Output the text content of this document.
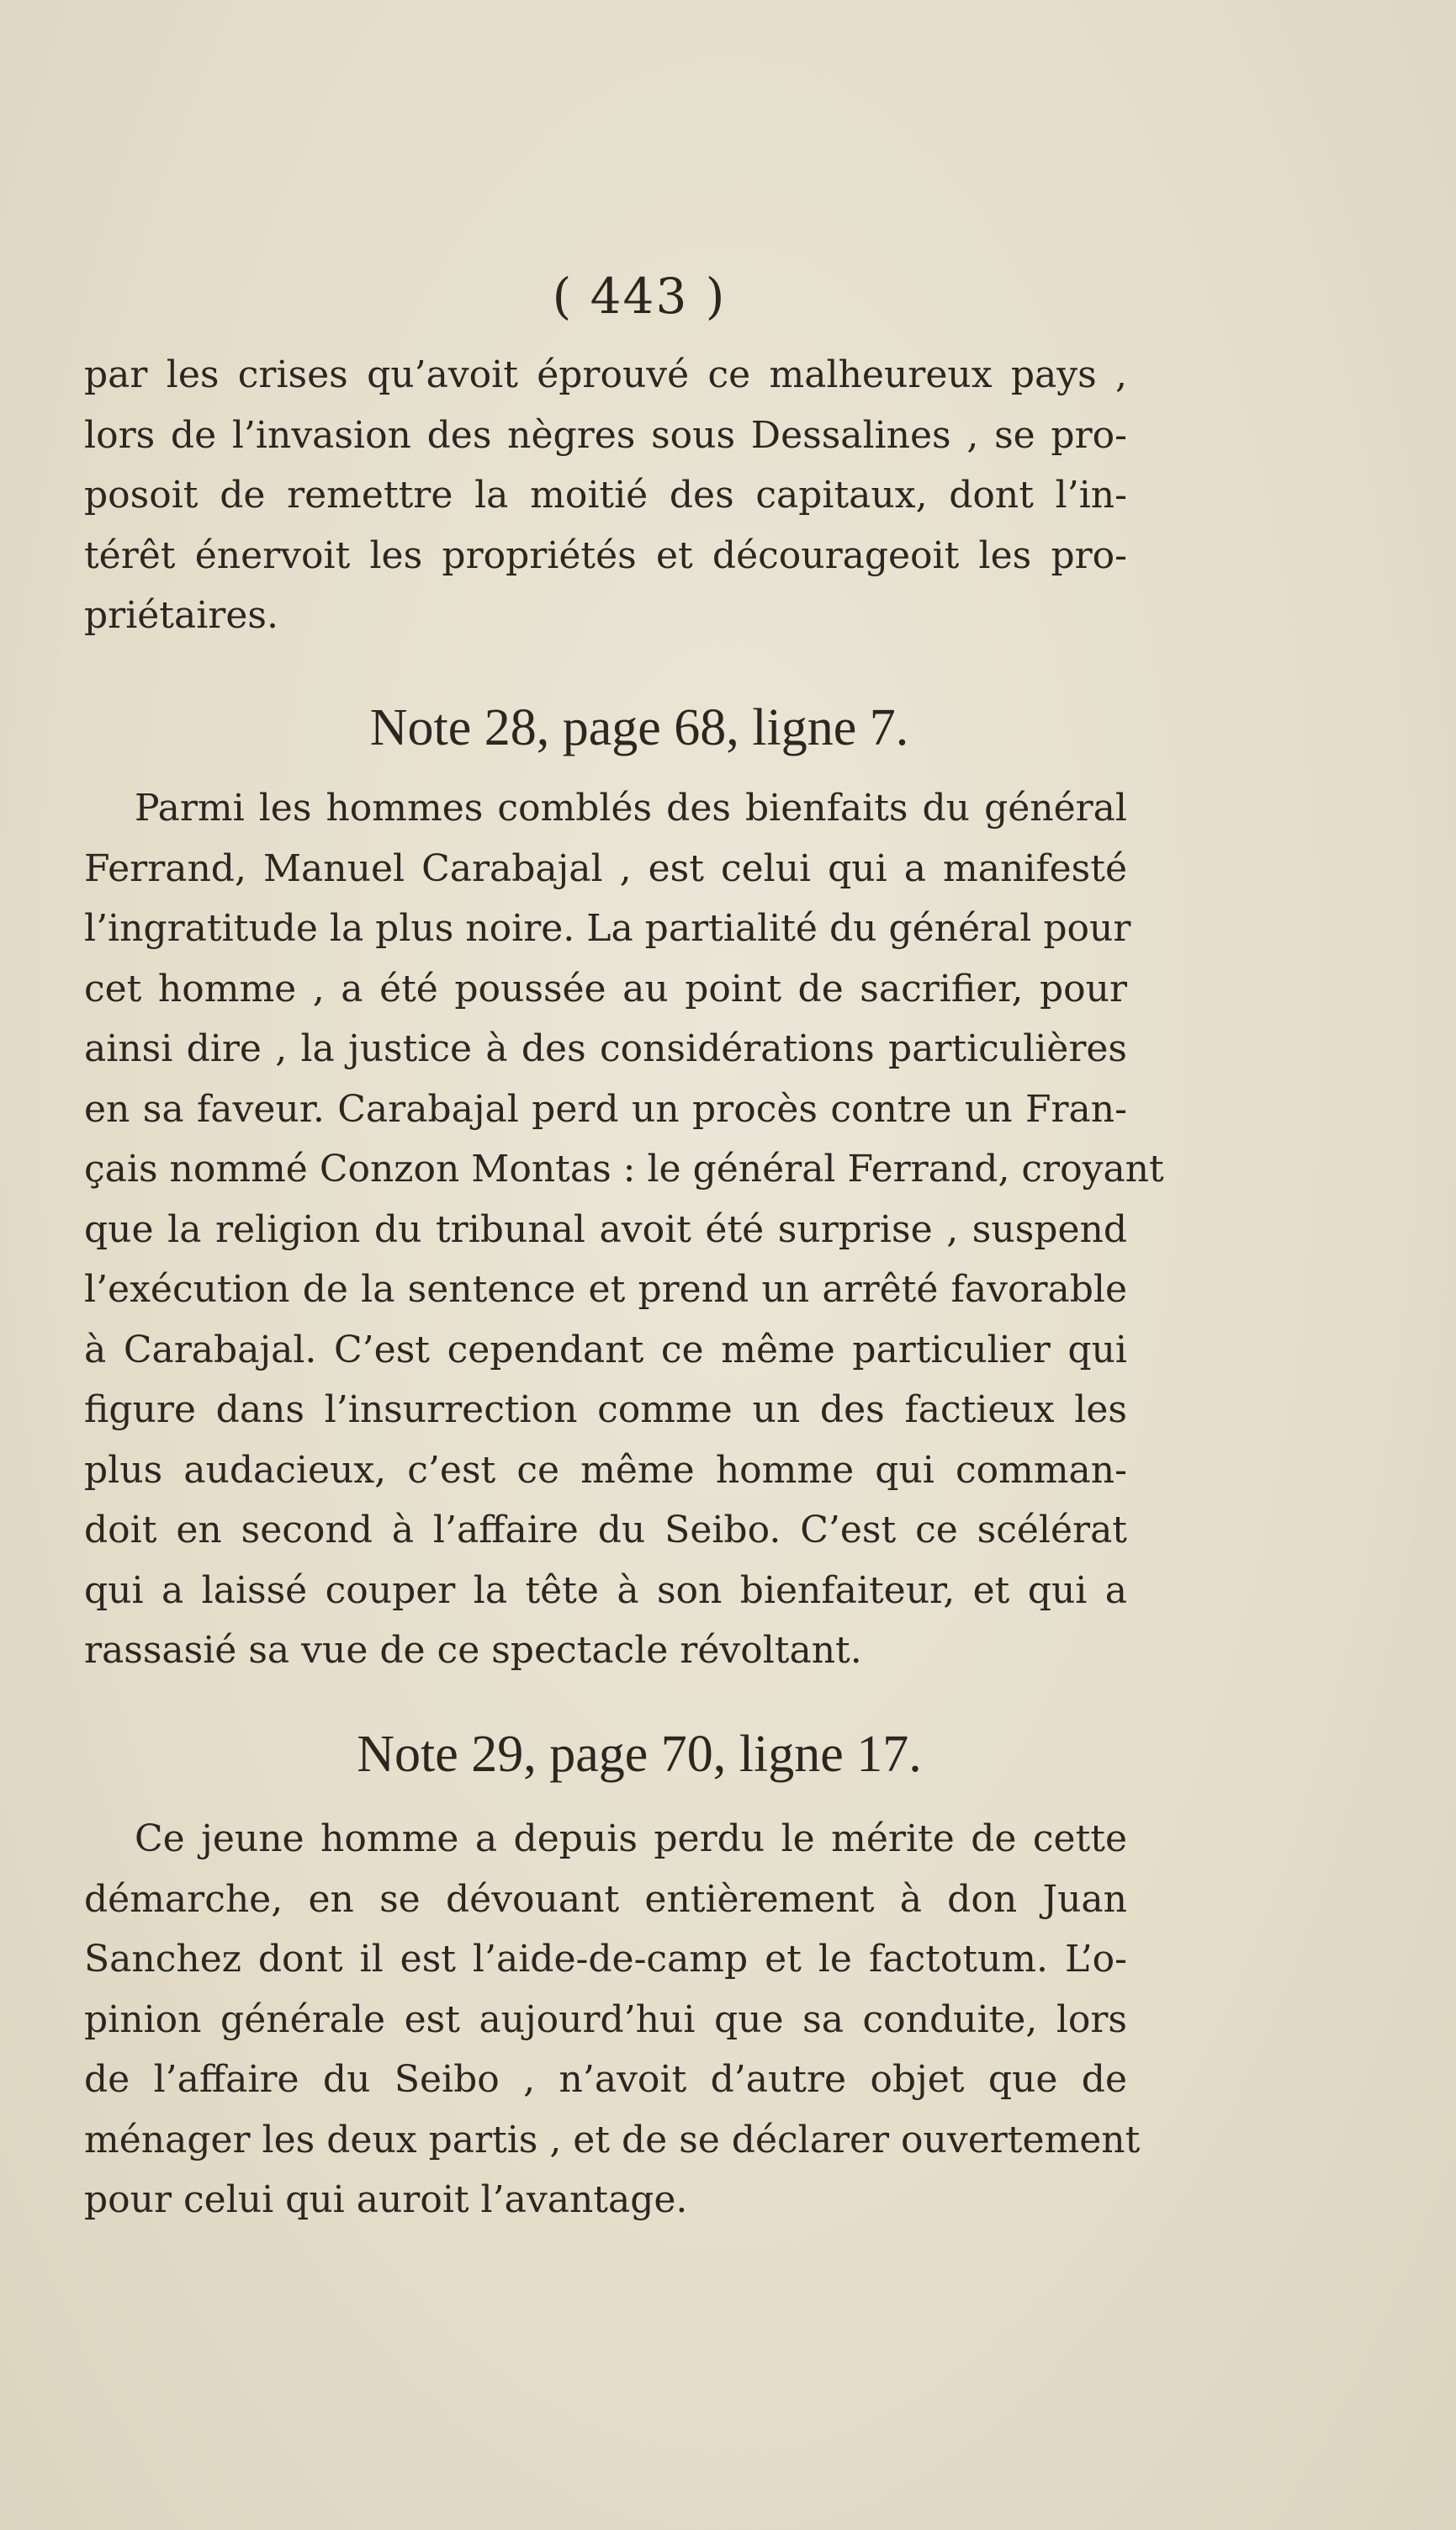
( 443 )
par les crises qu’avoit éprouvé ce malheureux pays ,
lors de l’invasion des nègres sous Dessalines , se pro-
posoit de remettre la moitié des capitaux, dont l’in-
térêt énervoit les propriétés et décourageoit les pro-
priétaires.
Note 28, page 68, ligne 7.
Parmi les hommes comblés des bienfaits du général
Ferrand, Manuel Carabajal , est celui qui a manifesté
l’ingratitude la plus noire. La partialité du général pour
cet homme , a été poussée au point de sacrifier, pour
ainsi dire , la justice à des considérations particulières
en sa faveur. Carabajal perd un procès contre un Fran-
çais nommé Conzon Montas : le général Ferrand, croyant
que la religion du tribunal avoit été surprise , suspend
l’exécution de la sentence et prend un arrêté favorable
à Carabajal. C’est cependant ce même particulier qui
figure dans l’insurrection comme un des factieux les
plus audacieux, c’est ce même homme qui comman-
doit en second à l’affaire du Seibo. C’est ce scélérat
qui a laissé couper la tête à son bienfaiteur, et qui a
rassasié sa vue de ce spectacle révoltant.
Note 29, page 70, ligne 17.
Ce jeune homme a depuis perdu le mérite de cette
démarche, en se dévouant entièrement à don Juan
Sanchez dont il est l’aide-de-camp et le factotum. L’o-
pinion générale est aujourd’hui que sa conduite, lors
de l’affaire du Seibo , n’avoit d’autre objet que de
ménager les deux partis , et de se déclarer ouvertement
pour celui qui auroit l’avantage.
